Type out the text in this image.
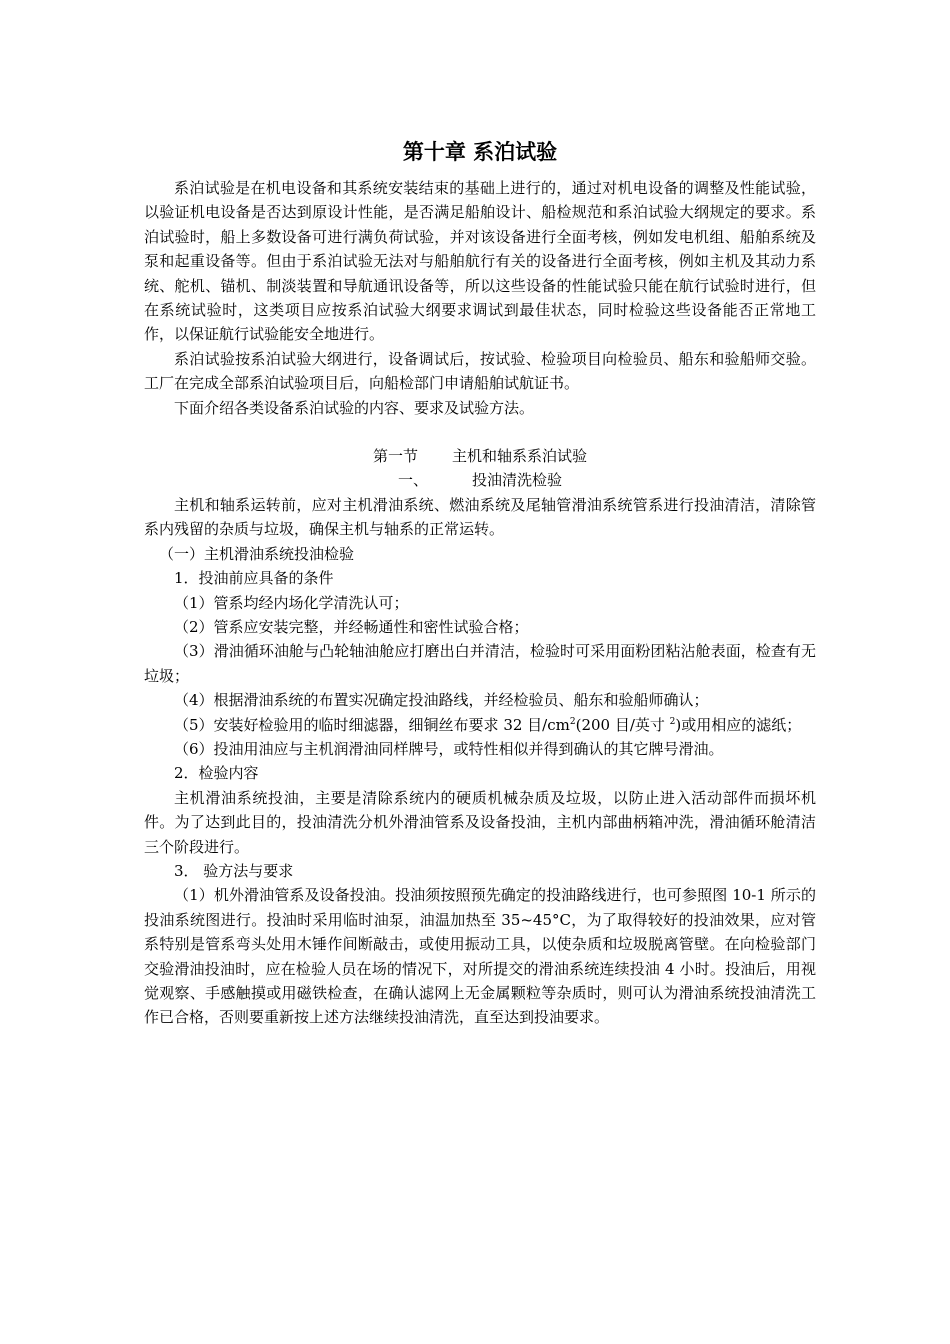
第十章 系泊试验

系泊试验是在机电设备和其系统安装结束的基础上进行的，通过对机电设备的调整及性能试验，以验证机电设备是否达到原设计性能，是否满足船舶设计、船检规范和系泊试验大纲规定的要求。系泊试验时，船上多数设备可进行满负荷试验，并对该设备进行全面考核，例如发电机组、船舶系统及泵和起重设备等。但由于系泊试验无法对与船舶航行有关的设备进行全面考核，例如主机及其动力系统、舵机、锚机、制淡装置和导航通讯设备等，所以这些设备的性能试验只能在航行试验时进行，但在系统试验时，这类项目应按系泊试验大纲要求调试到最佳状态，同时检验这些设备能否正常地工作，以保证航行试验能安全地进行。

系泊试验按系泊试验大纲进行，设备调试后，按试验、检验项目向检验员、船东和验船师交验。工厂在完成全部系泊试验项目后，向船检部门申请船舶试航证书。

下面介绍各类设备系泊试验的内容、要求及试验方法。

第一节 主机和轴系系泊试验

一、	投油清洗检验

主机和轴系运转前，应对主机滑油系统、燃油系统及尾轴管滑油系统管系进行投油清洁，清除管系内残留的杂质与垃圾，确保主机与轴系的正常运转。

（一）主机滑油系统投油检验

1．投油前应具备的条件

（1）管系均经内场化学清洗认可；

（2）管系应安装完整，并经畅通性和密性试验合格；

（3）滑油循环油舱与凸轮轴油舱应打磨出白并清洁，检验时可采用面粉团粘沾舱表面，检查有无垃圾；

（4）根据滑油系统的布置实况确定投油路线，并经检验员、船东和验船师确认；

（5）安装好检验用的临时细滤器，细铜丝布要求 32 目$/cm^2(200$ 目/英寸 $^2$)或用相应的滤纸；

（6）投油用油应与主机润滑油同样牌号，或特性相似并得到确认的其它牌号滑油。

2．检验内容

主机滑油系统投油，主要是清除系统内的硬质机械杂质及垃圾，以防止进入活动部件而损坏机件。为了达到此目的，投油清洗分机外滑油管系及设备投油，主机内部曲柄箱冲洗，滑油循环舱清洁三个阶段进行。

3． 验方法与要求

（1）机外滑油管系及设备投油。投油须按照预先确定的投油路线进行，也可参照图 10-1 所示的投油系统图进行。投油时采用临时油泵，油温加热至 35~45°C，为了取得较好的投油效果，应对管系特别是管系弯头处用木锤作间断敲击，或使用振动工具，以使杂质和垃圾脱离管壁。在向检验部门交验滑油投油时，应在检验人员在场的情况下，对所提交的滑油系统连续投油 4 小时。投油后，用视觉观察、手感触摸或用磁铁检查，在确认滤网上无金属颗粒等杂质时，则可认为滑油系统投油清洗工作已合格，否则要重新按上述方法继续投油清洗，直至达到投油要求。
